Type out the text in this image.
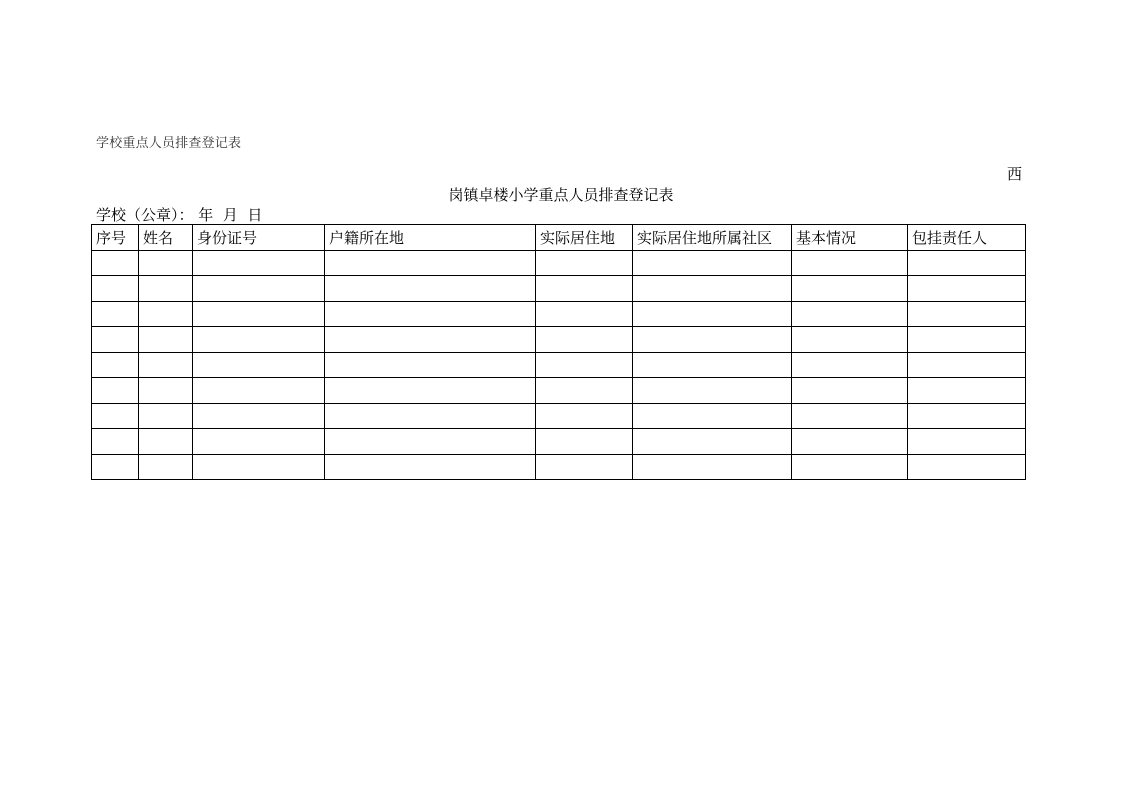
学校重点人员排查登记表
西
岗镇卓楼小学重点人员排查登记表
学校（公章）： 年 月 日
序号	姓名	身份证号	户籍所在地	实际居住地	实际居住地所属社区	基本情况	包挂责任人
